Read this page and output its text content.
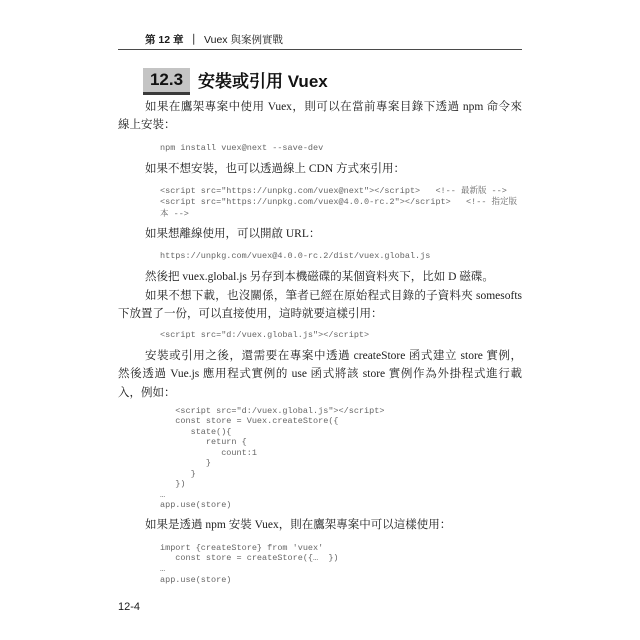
第 12 章 ｜ Vuex 與案例實戰
12.3 安裝或引用 Vuex
如果在鷹架專案中使用 Vuex，則可以在當前專案目錄下透過 npm 命令來
線上安裝：
npm install vuex@next --save-dev
如果不想安裝，也可以透過線上 CDN 方式來引用：
<script src="https://unpkg.com/vuex@next"></script>   <!-- 最新版 -->
<script src="https://unpkg.com/vuex@4.0.0-rc.2"></script>   <!-- 指定版
本 -->
如果想離線使用，可以開啟 URL：
https://unpkg.com/vuex@4.0.0-rc.2/dist/vuex.global.js
然後把 vuex.global.js 另存到本機磁碟的某個資料夾下，比如 D 磁碟。
如果不想下載，也沒關係，筆者已經在原始程式目錄的子資料夾 somesofts
下放置了一份，可以直接使用，這時就要這樣引用：
<script src="d:/vuex.global.js"></script>
安裝或引用之後，還需要在專案中透過 createStore 函式建立 store 實例，
然後透過 Vue.js 應用程式實例的 use 函式將該 store 實例作為外掛程式進行載
入，例如：
<script src="d:/vuex.global.js"></script>
const store = Vuex.createStore({
state(){
return {
count:1
}
}
})
…
app.use(store)
如果是透過 npm 安裝 Vuex，則在鷹架專案中可以這樣使用：
import {createStore} from 'vuex'
const store = createStore({…  })
…
app.use(store)
12-4
